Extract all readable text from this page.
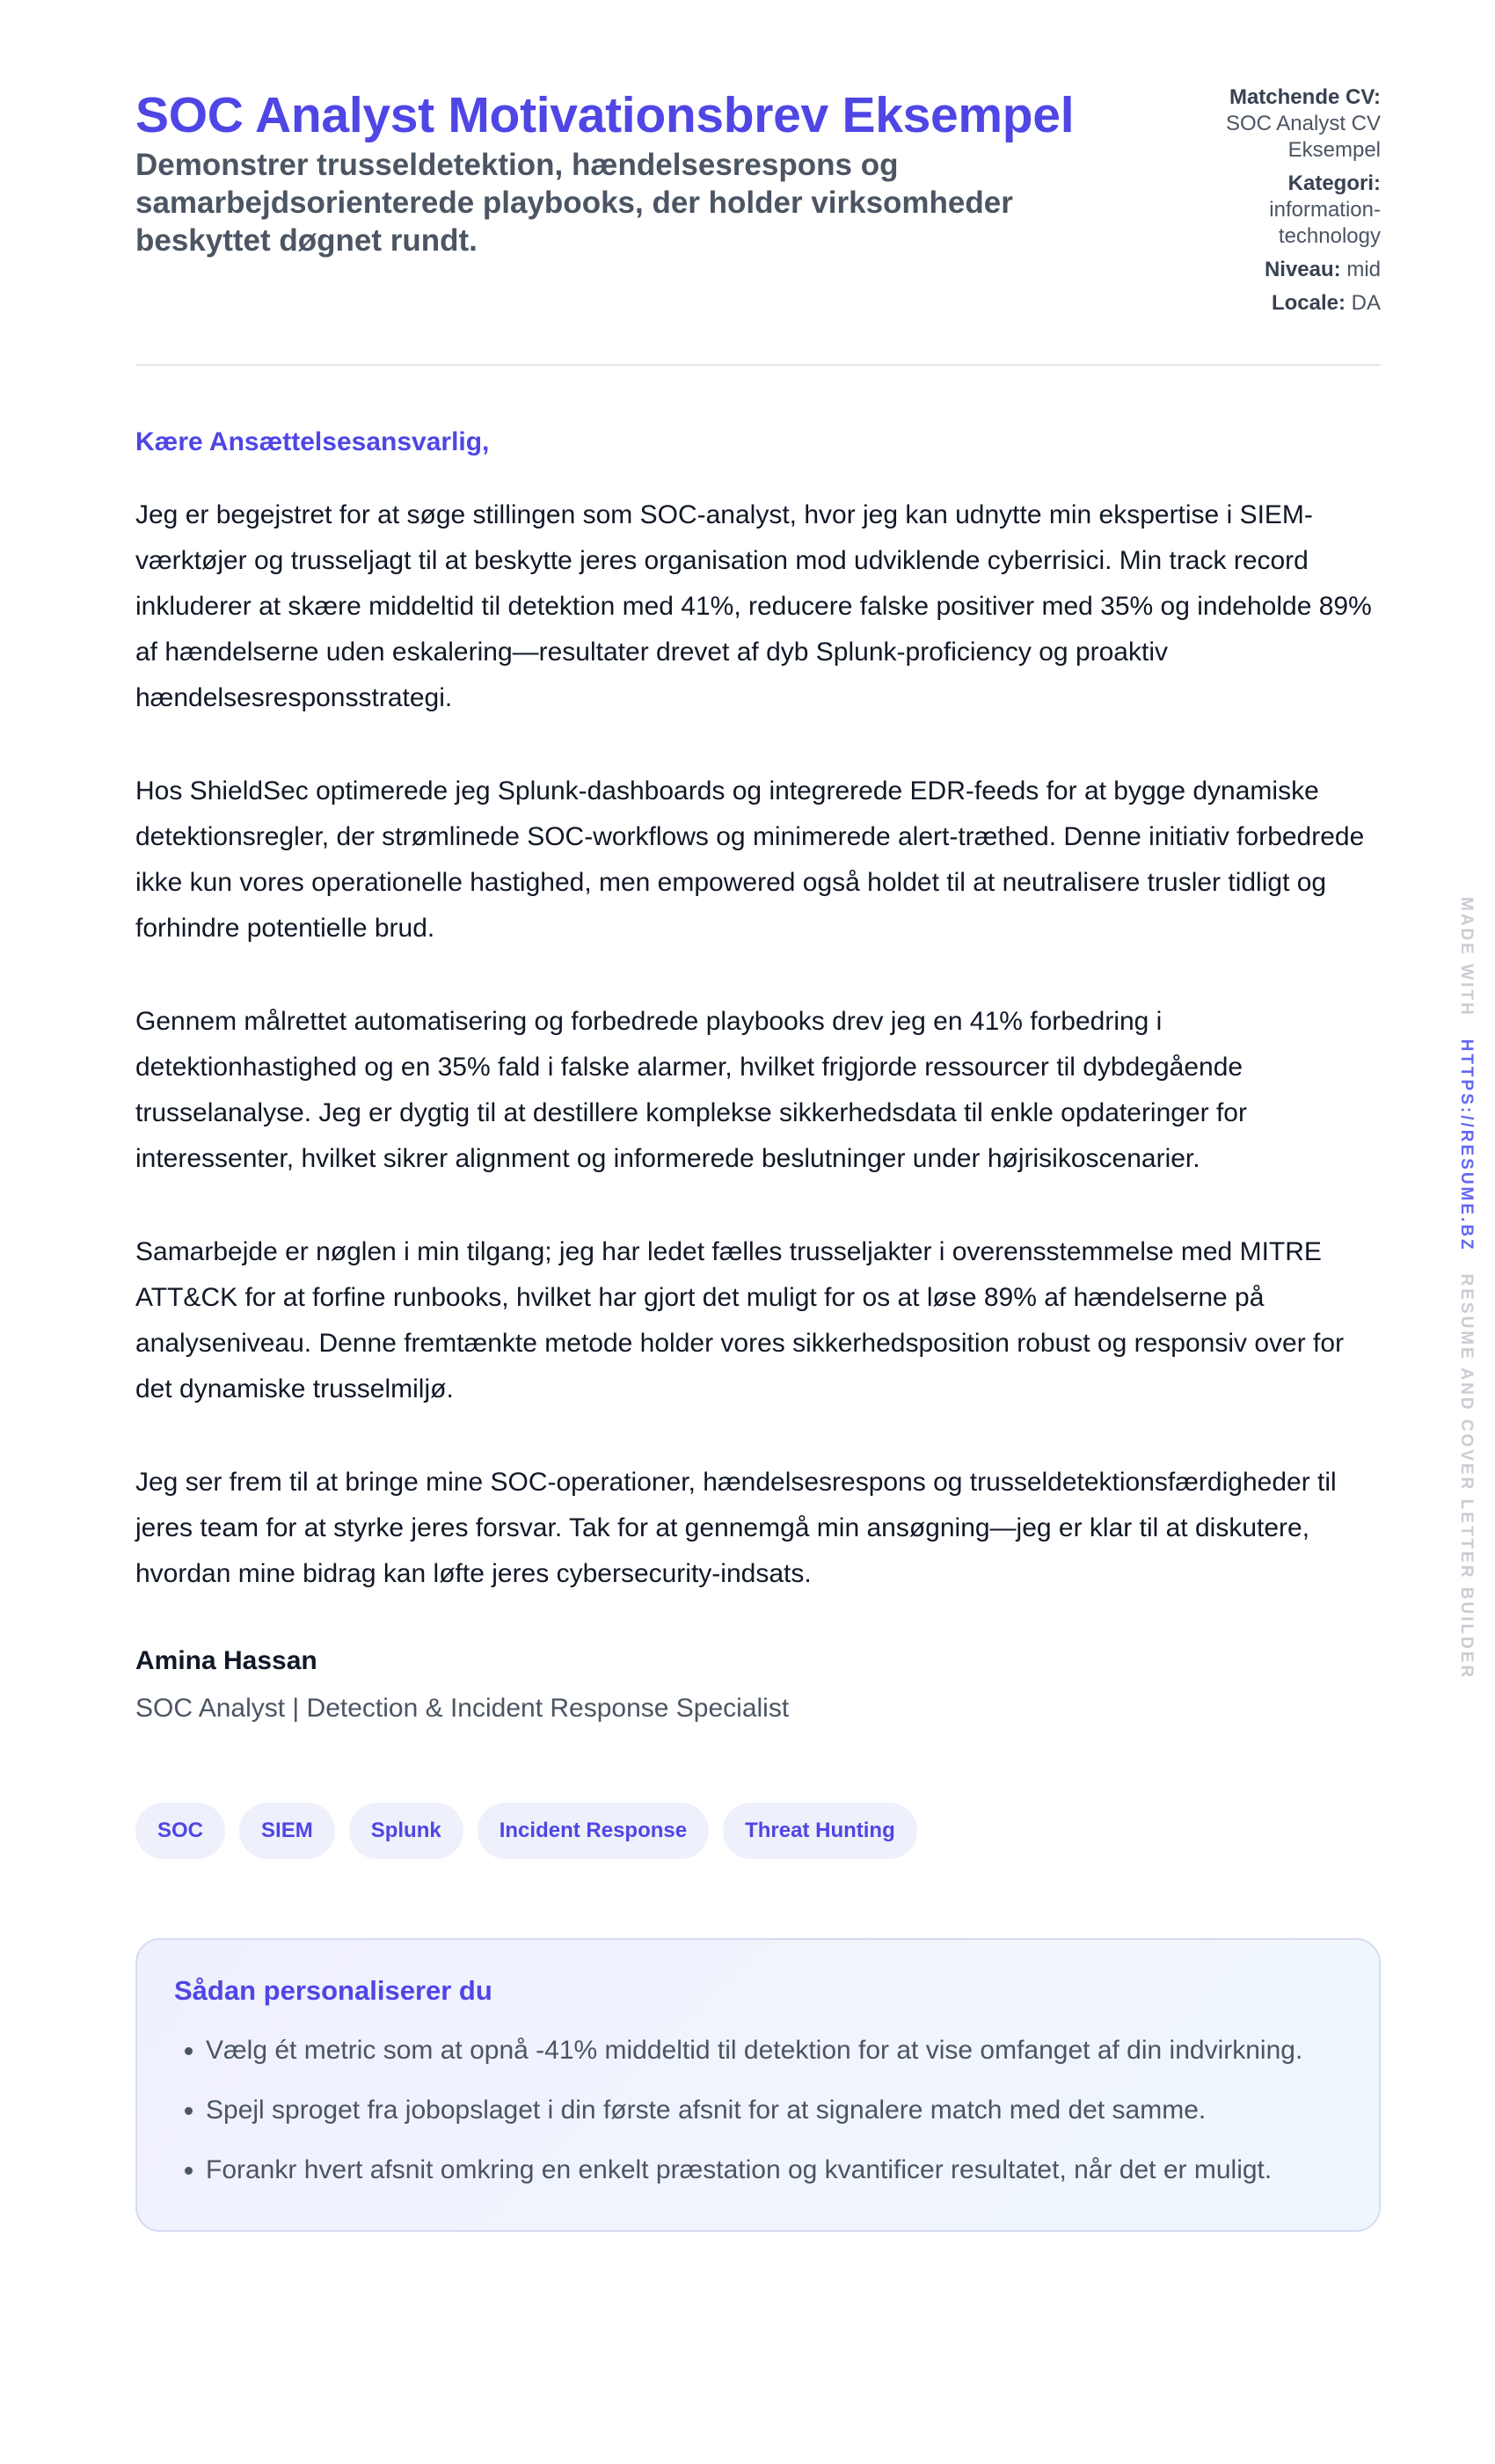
SOC Analyst Motivationsbrev Eksempel

Demonstrer trusseldetektion, hændelsesrespons og samarbejdsorienterede playbooks, der holder virksomheder beskyttet døgnet rundt.

Matchende CV:
SOC Analyst CV Eksempel
Kategori:
information-technology
Niveau: mid
Locale: DA
Kære Ansættelsesansvarlig,

Jeg er begejstret for at søge stillingen som SOC-analyst, hvor jeg kan udnytte min ekspertise i SIEM-værktøjer og trusseljagt til at beskytte jeres organisation mod udviklende cyberrisici. Min track record inkluderer at skære middeltid til detektion med 41%, reducere falske positiver med 35% og indeholde 89% af hændelserne uden eskalering—resultater drevet af dyb Splunk-proficiency og proaktiv hændelsesresponsstrategi.

Hos ShieldSec optimerede jeg Splunk-dashboards og integrerede EDR-feeds for at bygge dynamiske detektionsregler, der strømlinede SOC-workflows og minimerede alert-træthed. Denne initiativ forbedrede ikke kun vores operationelle hastighed, men empowered også holdet til at neutralisere trusler tidligt og forhindre potentielle brud.

Gennem målrettet automatisering og forbedrede playbooks drev jeg en 41% forbedring i detektionhastighed og en 35% fald i falske alarmer, hvilket frigjorde ressourcer til dybdegående trusselanalyse. Jeg er dygtig til at destillere komplekse sikkerhedsdata til enkle opdateringer for interessenter, hvilket sikrer alignment og informerede beslutninger under højrisikoscenarier.

Samarbejde er nøglen i min tilgang; jeg har ledet fælles trusseljakter i overensstemmelse med MITRE ATT&CK for at forfine runbooks, hvilket har gjort det muligt for os at løse 89% af hændelserne på analyseniveau. Denne fremtænkte metode holder vores sikkerhedsposition robust og responsiv over for det dynamiske trusselmiljø.

Jeg ser frem til at bringe mine SOC-operationer, hændelsesrespons og trusseldetektionsfærdigheder til jeres team for at styrke jeres forsvar. Tak for at gennemgå min ansøgning—jeg er klar til at diskutere, hvordan mine bidrag kan løfte jeres cybersecurity-indsats.

Amina Hassan
SOC Analyst | Detection & Incident Response Specialist
SOC	SIEM	Splunk	Incident Response	Threat Hunting
Sådan personaliserer du
• Vælg ét metric som at opnå -41% middeltid til detektion for at vise omfanget af din indvirkning.
• Spejl sproget fra jobopslaget i din første afsnit for at signalere match med det samme.
• Forankr hvert afsnit omkring en enkelt præstation og kvantificer resultatet, når det er muligt.
MADE WITH   HTTPS://RESUME.BZ   RESUME AND COVER LETTER BUILDER
